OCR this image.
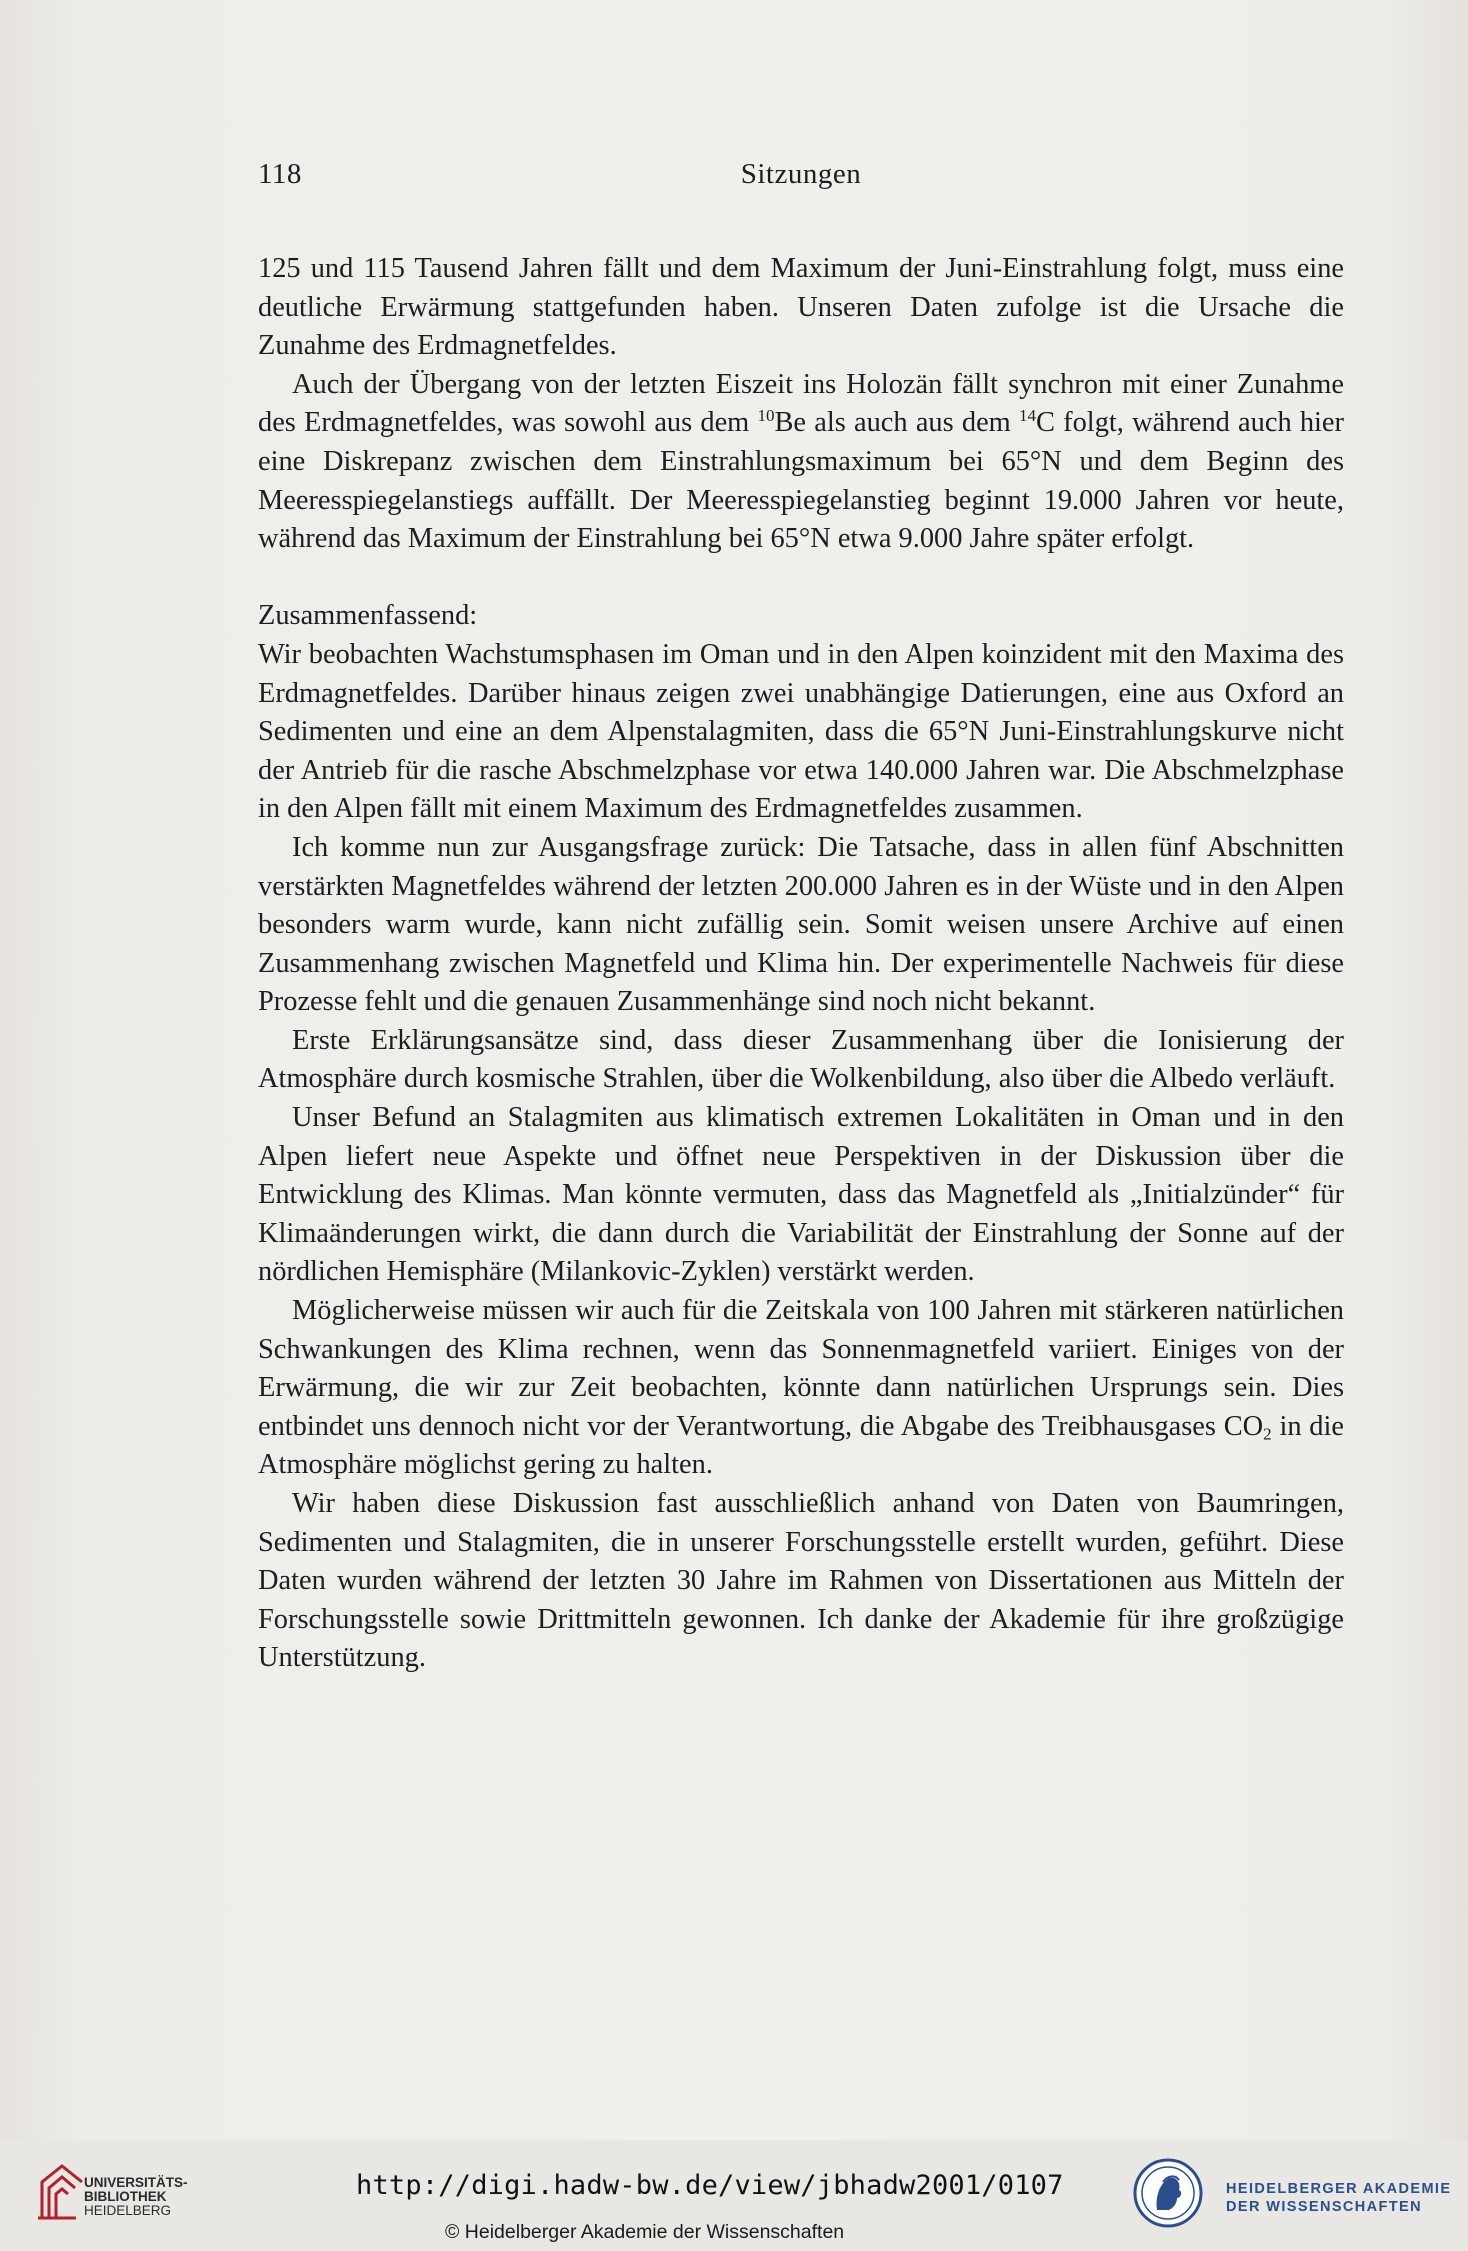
118	Sitzungen

125 und 115 Tausend Jahren fällt und dem Maximum der Juni-Einstrahlung folgt, muss eine deutliche Erwärmung stattgefunden haben. Unseren Daten zufolge ist die Ursache die Zunahme des Erdmagnetfeldes.

Auch der Übergang von der letzten Eiszeit ins Holozän fällt synchron mit einer Zunahme des Erdmagnetfeldes, was sowohl aus dem $^{10}$Be als auch aus dem $^{14}$C folgt, während auch hier eine Diskrepanz zwischen dem Einstrahlungsmaximum bei 65°N und dem Beginn des Meeresspiegelanstiegs auffällt. Der Meeresspiegelanstieg beginnt 19.000 Jahren vor heute, während das Maximum der Einstrahlung bei 65°N etwa 9.000 Jahre später erfolgt.

Zusammenfassend:

Wir beobachten Wachstumsphasen im Oman und in den Alpen koinzident mit den Maxima des Erdmagnetfeldes. Darüber hinaus zeigen zwei unabhängige Datierungen, eine aus Oxford an Sedimenten und eine an dem Alpenstalagmiten, dass die 65°N Juni-Einstrahlungskurve nicht der Antrieb für die rasche Abschmelzphase vor etwa 140.000 Jahren war. Die Abschmelzphase in den Alpen fällt mit einem Maximum des Erdmagnetfeldes zusammen.

Ich komme nun zur Ausgangsfrage zurück: Die Tatsache, dass in allen fünf Abschnitten verstärkten Magnetfeldes während der letzten 200.000 Jahren es in der Wüste und in den Alpen besonders warm wurde, kann nicht zufällig sein. Somit weisen unsere Archive auf einen Zusammenhang zwischen Magnetfeld und Klima hin. Der experimentelle Nachweis für diese Prozesse fehlt und die genauen Zusammenhänge sind noch nicht bekannt.

Erste Erklärungsansätze sind, dass dieser Zusammenhang über die Ionisierung der Atmosphäre durch kosmische Strahlen, über die Wolkenbildung, also über die Albedo verläuft.

Unser Befund an Stalagmiten aus klimatisch extremen Lokalitäten in Oman und in den Alpen liefert neue Aspekte und öffnet neue Perspektiven in der Diskussion über die Entwicklung des Klimas. Man könnte vermuten, dass das Magnetfeld als „Initialzünder“ für Klimaänderungen wirkt, die dann durch die Variabilität der Einstrahlung der Sonne auf der nördlichen Hemisphäre (Milankovic-Zyklen) verstärkt werden.

Möglicherweise müssen wir auch für die Zeitskala von 100 Jahren mit stärkeren natürlichen Schwankungen des Klima rechnen, wenn das Sonnenmagnetfeld variiert. Einiges von der Erwärmung, die wir zur Zeit beobachten, könnte dann natürlichen Ursprungs sein. Dies entbindet uns dennoch nicht vor der Verantwortung, die Abgabe des Treibhausgases $CO_2$ in die Atmosphäre möglichst gering zu halten.

Wir haben diese Diskussion fast ausschließlich anhand von Daten von Baumringen, Sedimenten und Stalagmiten, die in unserer Forschungsstelle erstellt wurden, geführt. Diese Daten wurden während der letzten 30 Jahre im Rahmen von Dissertationen aus Mitteln der Forschungsstelle sowie Drittmitteln gewonnen. Ich danke der Akademie für ihre großzügige Unterstützung.

UNIVERSITÄTS-
BIBLIOTHEK
HEIDELBERG
http://digi.hadw-bw.de/view/jbhadw2001/0107
© Heidelberger Akademie der Wissenschaften
HEIDELBERGER AKADEMIE
DER WISSENSCHAFTEN
